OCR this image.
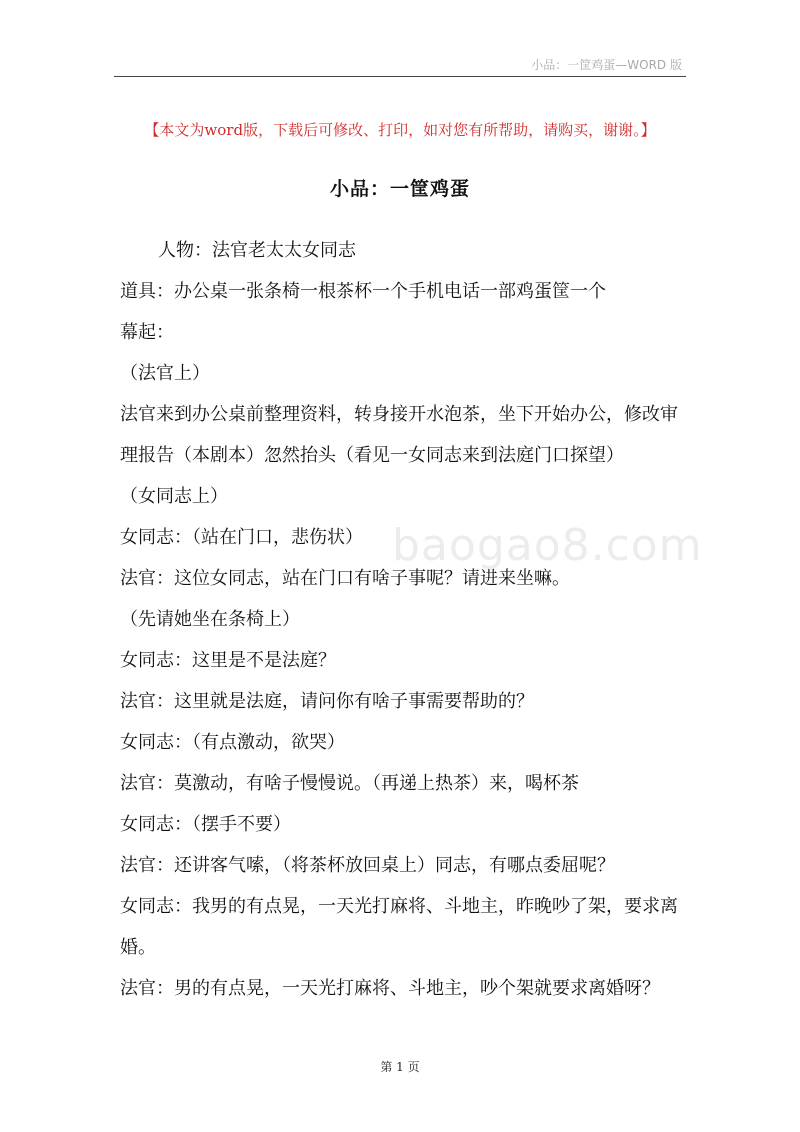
小品：一筐鸡蛋—WORD 版
【本文为word版，下载后可修改、打印，如对您有所帮助，请购买，谢谢。】
小品：一筐鸡蛋

人物：法官老太太女同志

道具：办公桌一张条椅一根茶杯一个手机电话一部鸡蛋筐一个

幕起：

（法官上）

法官来到办公桌前整理资料，转身接开水泡茶，坐下开始办公，修改审理报告（本剧本）忽然抬头（看见一女同志来到法庭门口探望）

（女同志上）

女同志：（站在门口，悲伤状）

法官：这位女同志，站在门口有啥子事呢？请进来坐嘛。

（先请她坐在条椅上）

女同志：这里是不是法庭？

法官：这里就是法庭，请问你有啥子事需要帮助的？

女同志：（有点激动，欲哭）

法官：莫激动，有啥子慢慢说。（再递上热茶）来，喝杯茶

女同志：（摆手不要）

法官：还讲客气嗦，（将茶杯放回桌上）同志，有哪点委屈呢？

女同志：我男的有点晃，一天光打麻将、斗地主，昨晚吵了架，要求离婚。

法官：男的有点晃，一天光打麻将、斗地主，吵个架就要求离婚呀？

baogao8.com
第 1 页
